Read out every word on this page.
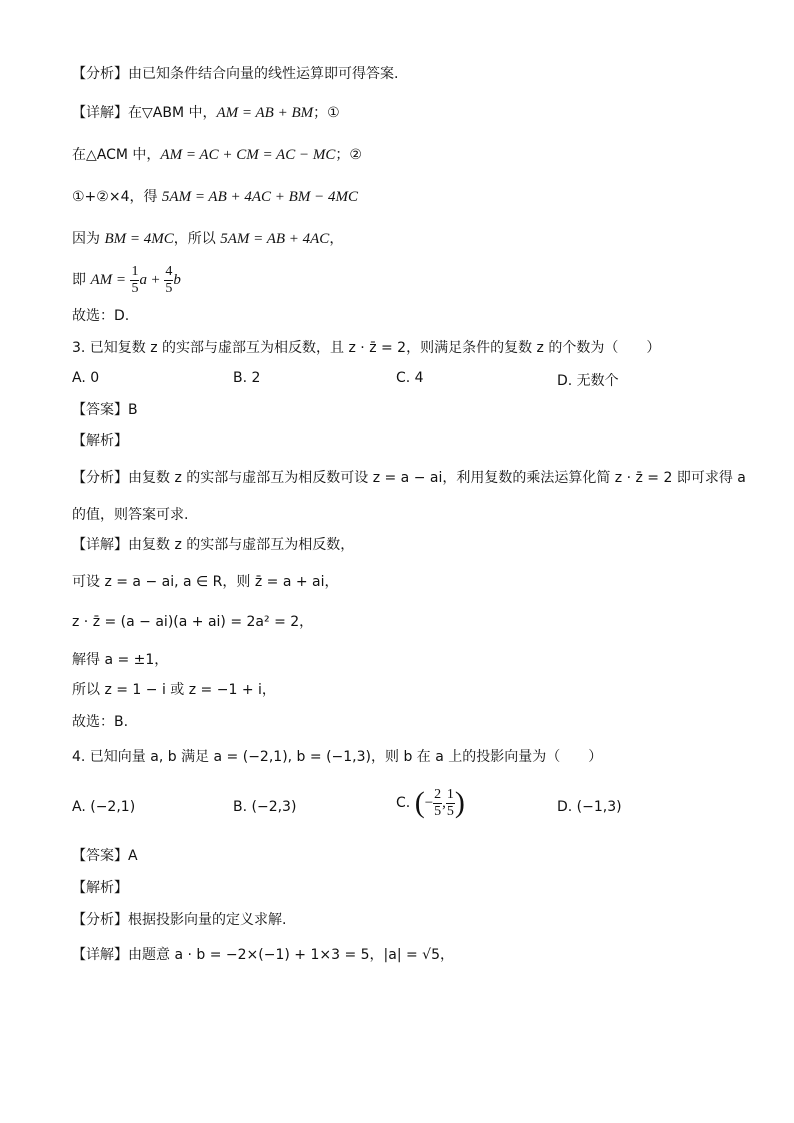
【分析】由已知条件结合向量的线性运算即可得答案.
【详解】在▽ABM 中，AM = AB + BM；①
在△ACM 中，AM = AC + CM = AC − MC；②
①+②×4，得 5AM = AB + 4AC + BM − 4MC
因为 BM = 4MC，所以 5AM = AB + 4AC，
即 AM = $\frac{1}{5}$ $a + \frac{4}{5}$ b
故选：D.
3. 已知复数 z 的实部与虚部互为相反数，且 z · z̄ = 2，则满足条件的复数 z 的个数为（　　）
A. 0	B. 2	C. 4	D. 无数个
【答案】B
【解析】
【分析】由复数 z 的实部与虚部互为相反数可设 z = a − ai，利用复数的乘法运算化简 z · z̄ = 2 即可求得 a
的值，则答案可求.
【详解】由复数 z 的实部与虚部互为相反数，
可设 z = a − ai, a ∈ R，则 z̄ = a + ai，
z · z̄ = (a − ai)(a + ai) = 2a² = 2，
解得 a = ±1，
所以 z = 1 − i 或 z = −1 + i，
故选：B.
4. 已知向量 a, b 满足 a = (−2,1), b = (−1,3)，则 b 在 a 上的投影向量为（　　）
A. (−2,1)	B. (−2,3)	C. (− $\frac{2}{5}$ , $\frac{1}{5}$ )	D. (−1,3)
【答案】A
【解析】
【分析】根据投影向量的定义求解.
【详解】由题意 a · b = −2×(−1) + 1×3 = 5，|a| = √5，
